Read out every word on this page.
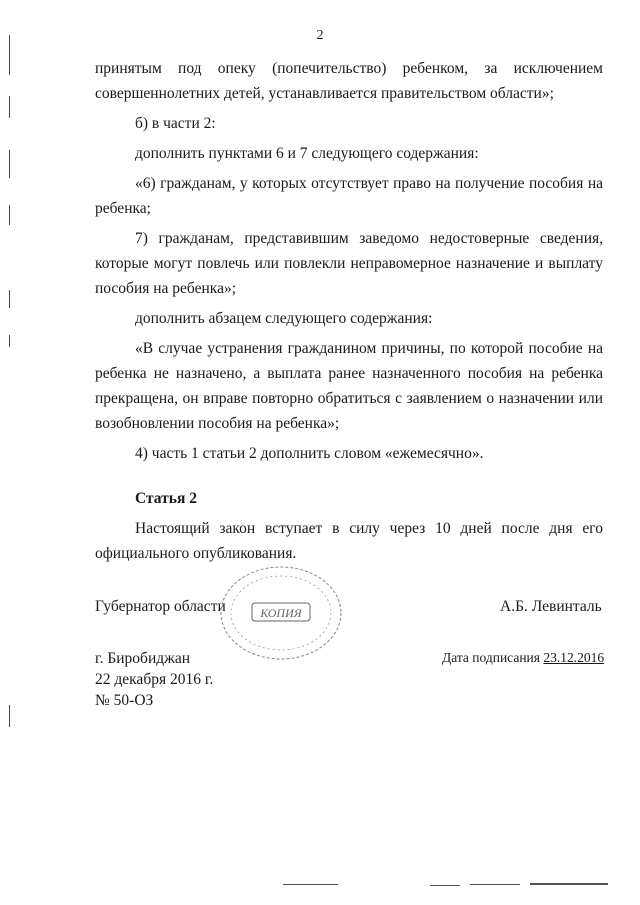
2

принятым под опеку (попечительство) ребенком, за исключением совершеннолетних детей, устанавливается правительством области»;

б) в части 2:

дополнить пунктами 6 и 7 следующего содержания:

«6) гражданам, у которых отсутствует право на получение пособия на ребенка;

7) гражданам, представившим заведомо недостоверные сведения, которые могут повлечь или повлекли неправомерное назначение и выплату пособия на ребенка»;

дополнить абзацем следующего содержания:

«В случае устранения гражданином причины, по которой пособие на ребенка не назначено, а выплата ранее назначенного пособия на ребенка прекращена, он вправе повторно обратиться с заявлением о назначении или возобновлении пособия на ребенка»;

4) часть 1 статьи 2 дополнить словом «ежемесячно».

Статья 2

Настоящий закон вступает в силу через 10 дней после дня его официального опубликования.

Губернатор области	А.Б. Левинталь
г. Биробиджан
22 декабря 2016 г.
№ 50-ОЗ
Дата подписания 23.12.2016
КОПИЯ
